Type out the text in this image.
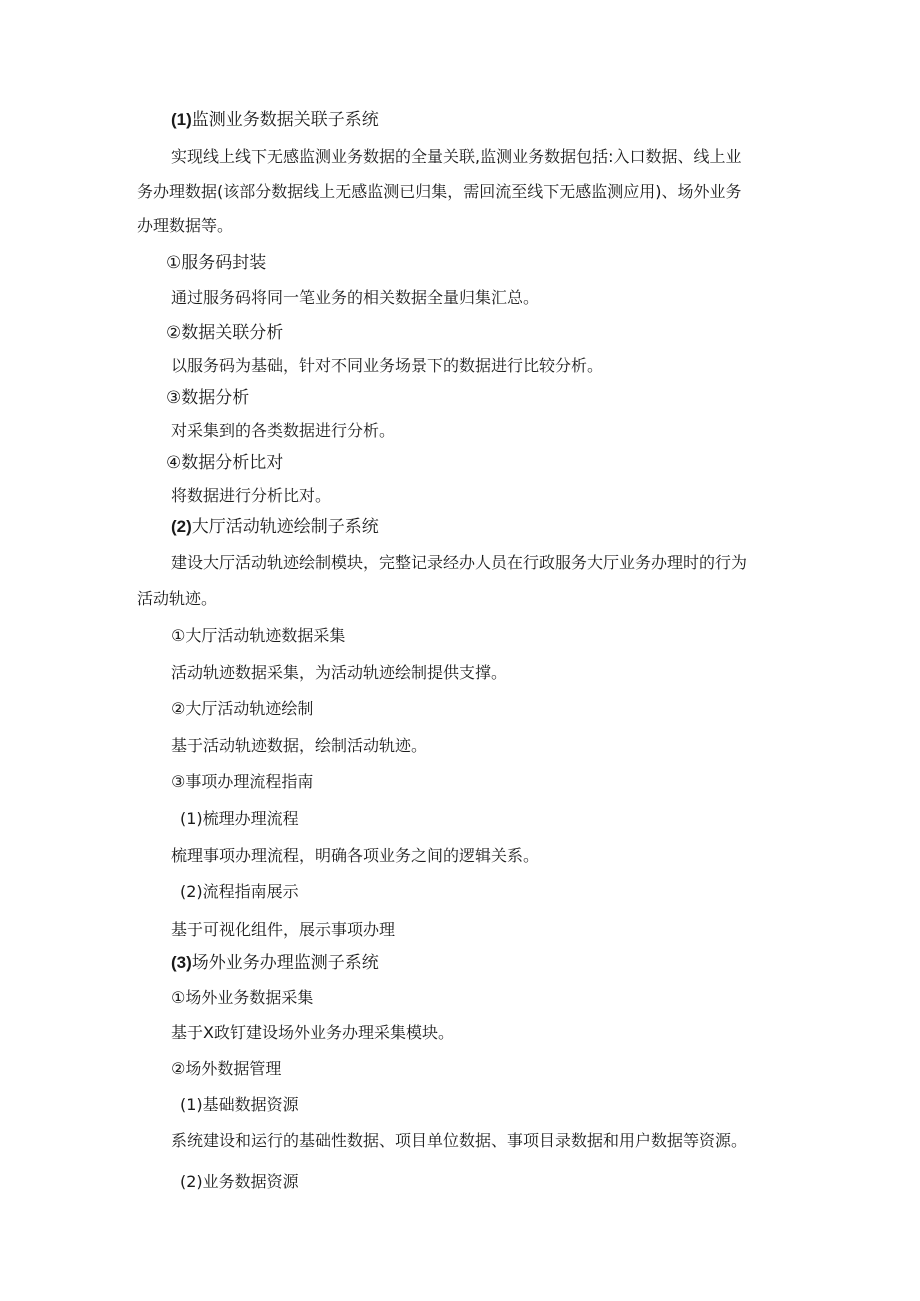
(1)监测业务数据关联子系统
实现线上线下无感监测业务数据的全量关联,监测业务数据包括:入口数据、线上业
务办理数据(该部分数据线上无感监测已归集，需回流至线下无感监测应用)、场外业务
办理数据等。
①服务码封装
通过服务码将同一笔业务的相关数据全量归集汇总。
②数据关联分析
以服务码为基础，针对不同业务场景下的数据进行比较分析。
③数据分析
对采集到的各类数据进行分析。
④数据分析比对
将数据进行分析比对。
(2)大厅活动轨迹绘制子系统
建设大厅活动轨迹绘制模块，完整记录经办人员在行政服务大厅业务办理时的行为
活动轨迹。
①大厅活动轨迹数据采集
活动轨迹数据采集，为活动轨迹绘制提供支撑。
②大厅活动轨迹绘制
基于活动轨迹数据，绘制活动轨迹。
③事项办理流程指南
(1)梳理办理流程
梳理事项办理流程，明确各项业务之间的逻辑关系。
(2)流程指南展示
基于可视化组件，展示事项办理
(3)场外业务办理监测子系统
①场外业务数据采集
基于X政钉建设场外业务办理采集模块。
②场外数据管理
(1)基础数据资源
系统建设和运行的基础性数据、项目单位数据、事项目录数据和用户数据等资源。
(2)业务数据资源
